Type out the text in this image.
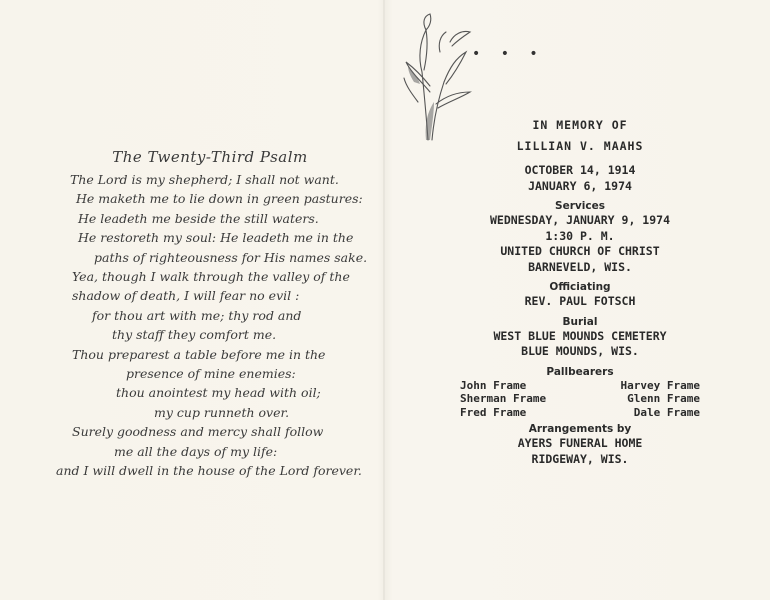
The Twenty-Third Psalm
The Lord is my shepherd; I shall not want.
He maketh me to lie down in green pastures:
He leadeth me beside the still waters.
He restoreth my soul: He leadeth me in the
paths of righteousness for His names sake.
Yea, though I walk through the valley of the
shadow of death, I will fear no evil :
for thou art with me; thy rod and
thy staff they comfort me.
Thou preparest a table before me in the
presence of mine enemies:
thou anointest my head with oil;
my cup runneth over.
Surely goodness and mercy shall follow
me all the days of my life:
and I will dwell in the house of the Lord forever.
• • •
IN MEMORY OF
LILLIAN V. MAAHS
OCTOBER 14, 1914
JANUARY 6, 1974
Services
WEDNESDAY, JANUARY 9, 1974
1:30 P. M.
UNITED CHURCH OF CHRIST
BARNEVELD, WIS.
Officiating
REV. PAUL FOTSCH
Burial
WEST BLUE MOUNDS CEMETERY
BLUE MOUNDS, WIS.
Pallbearers
John Frame	Harvey Frame
Sherman Frame	Glenn Frame
Fred Frame	Dale Frame
Arrangements by
AYERS FUNERAL HOME
RIDGEWAY, WIS.
